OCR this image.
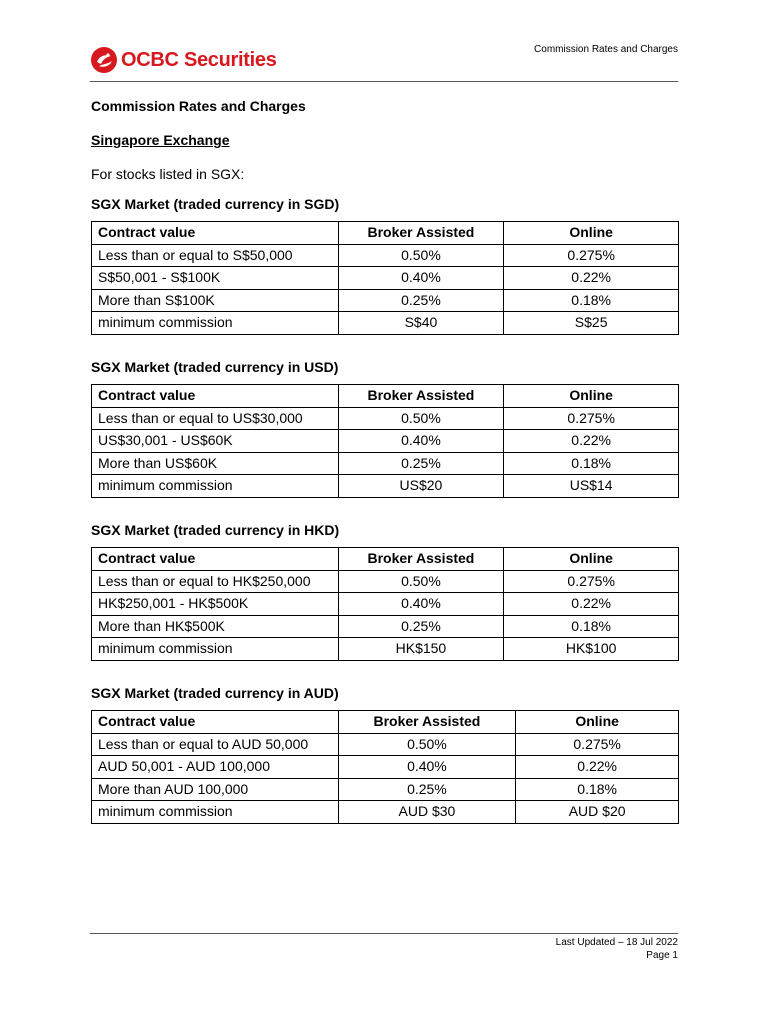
OCBC Securities	Commission Rates and Charges
Commission Rates and Charges
Singapore Exchange
For stocks listed in SGX:
SGX Market (traded currency in SGD)
Contract value	Broker Assisted	Online
Less than or equal to S$50,000	0.50%	0.275%
S$50,001 - S$100K	0.40%	0.22%
More than S$100K	0.25%	0.18%
minimum commission	S$40	S$25
SGX Market (traded currency in USD)
Contract value	Broker Assisted	Online
Less than or equal to US$30,000	0.50%	0.275%
US$30,001 - US$60K	0.40%	0.22%
More than US$60K	0.25%	0.18%
minimum commission	US$20	US$14
SGX Market (traded currency in HKD)
Contract value	Broker Assisted	Online
Less than or equal to HK$250,000	0.50%	0.275%
HK$250,001 - HK$500K	0.40%	0.22%
More than HK$500K	0.25%	0.18%
minimum commission	HK$150	HK$100
SGX Market (traded currency in AUD)
Contract value	Broker Assisted	Online
Less than or equal to AUD 50,000	0.50%	0.275%
AUD 50,001 - AUD 100,000	0.40%	0.22%
More than AUD 100,000	0.25%	0.18%
minimum commission	AUD $30	AUD $20
Last Updated – 18 Jul 2022
Page 1
